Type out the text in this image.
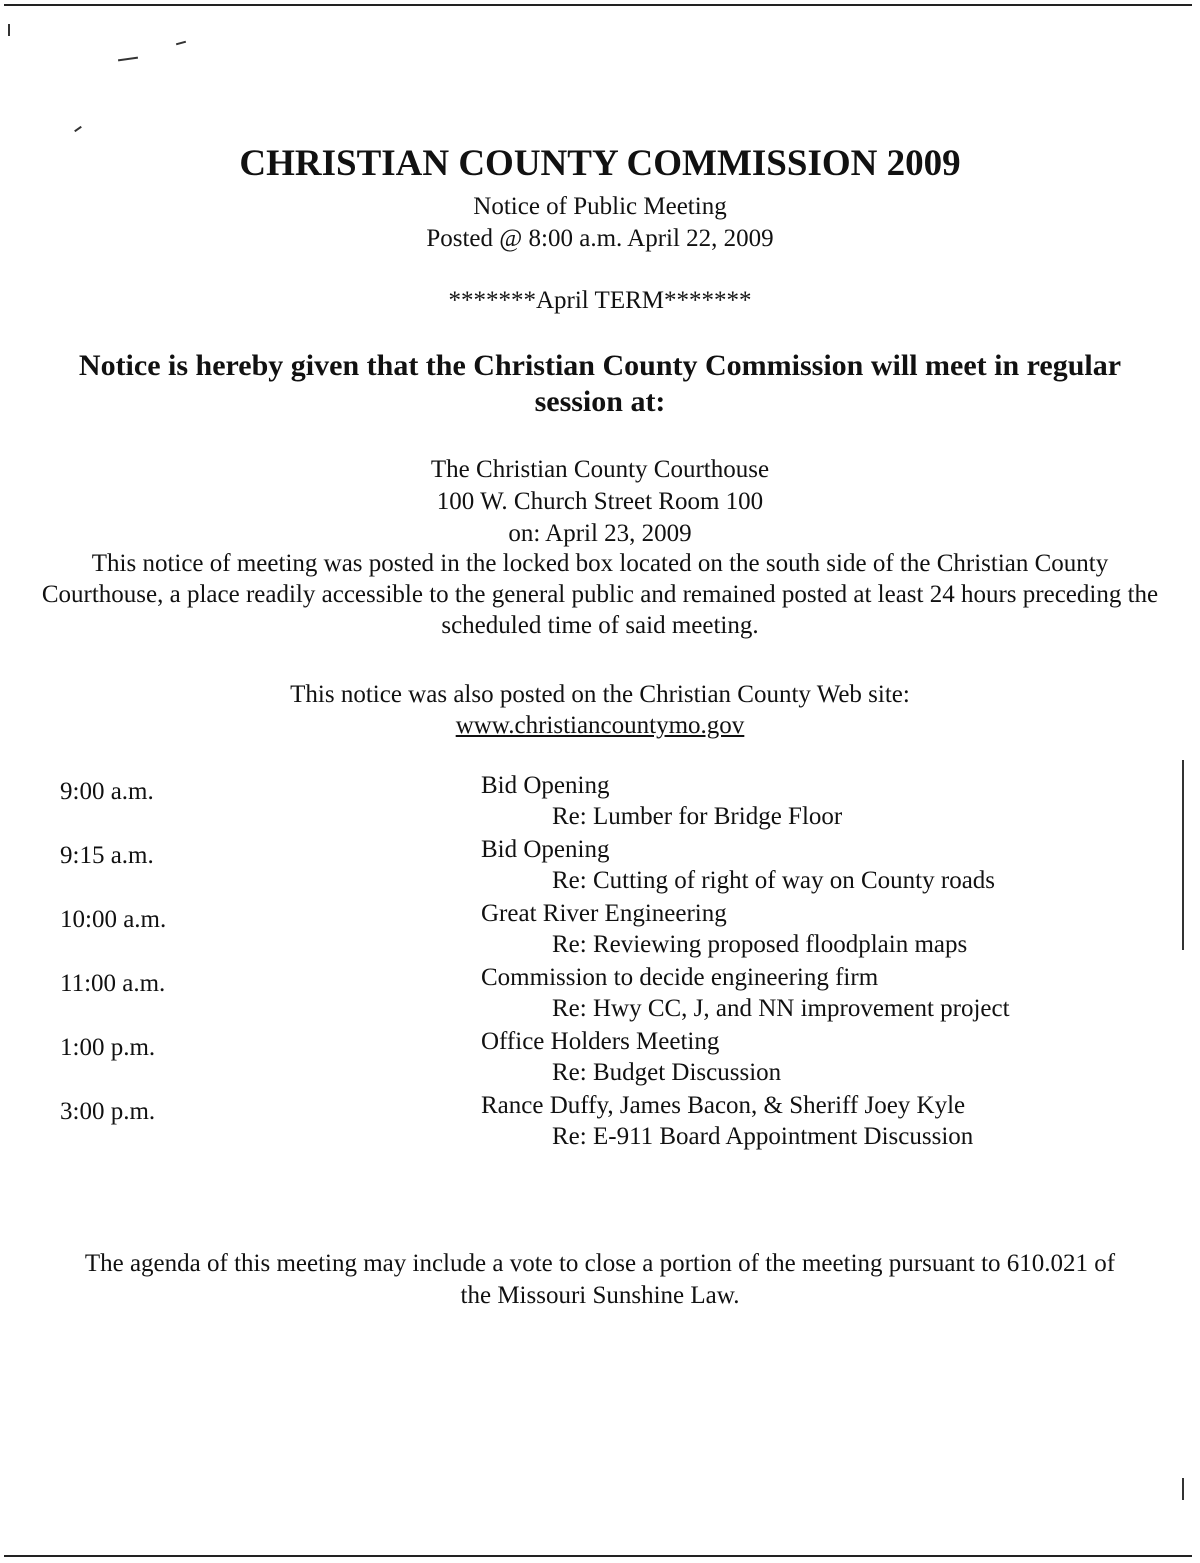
CHRISTIAN COUNTY COMMISSION 2009
Notice of Public Meeting
Posted @ 8:00 a.m. April 22, 2009
*******April TERM*******
Notice is hereby given that the Christian County Commission will meet in regular session at:
The Christian County Courthouse
100 W. Church Street Room 100
on: April 23, 2009
This notice of meeting was posted in the locked box located on the south side of the Christian County Courthouse, a place readily accessible to the general public and remained posted at least 24 hours preceding the scheduled time of said meeting.
This notice was also posted on the Christian County Web site:
www.christiancountymo.gov
9:00 a.m.	Bid Opening
Re: Lumber for Bridge Floor
9:15 a.m.	Bid Opening
Re: Cutting of right of way on County roads
10:00 a.m.	Great River Engineering
Re: Reviewing proposed floodplain maps
11:00 a.m.	Commission to decide engineering firm
Re: Hwy CC, J, and NN improvement project
1:00 p.m.	Office Holders Meeting
Re: Budget Discussion
3:00 p.m.	Rance Duffy, James Bacon, & Sheriff Joey Kyle
Re: E-911 Board Appointment Discussion
The agenda of this meeting may include a vote to close a portion of the meeting pursuant to 610.021 of the Missouri Sunshine Law.
